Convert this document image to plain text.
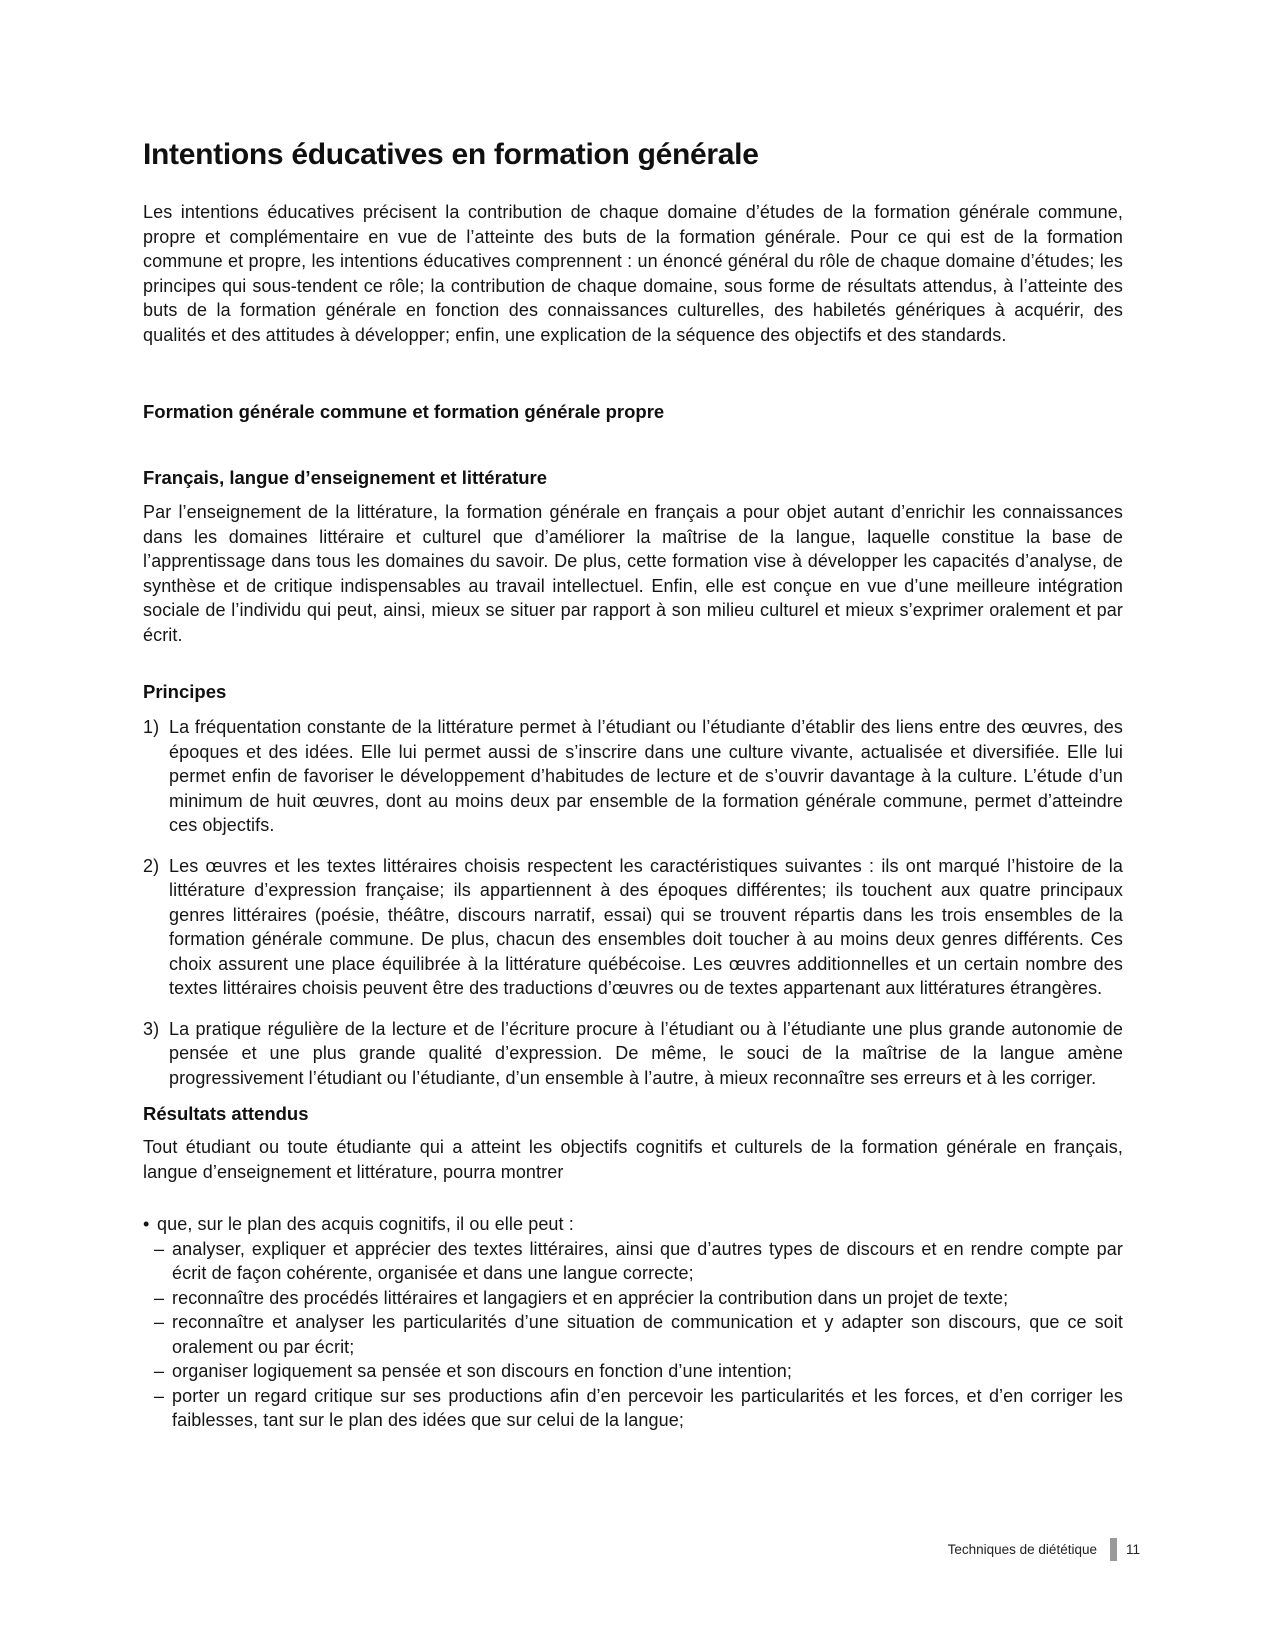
Intentions éducatives en formation générale

Les intentions éducatives précisent la contribution de chaque domaine d’études de la formation générale commune, propre et complémentaire en vue de l’atteinte des buts de la formation générale. Pour ce qui est de la formation commune et propre, les intentions éducatives comprennent : un énoncé général du rôle de chaque domaine d’études; les principes qui sous-tendent ce rôle; la contribution de chaque domaine, sous forme de résultats attendus, à l’atteinte des buts de la formation générale en fonction des connaissances culturelles, des habiletés génériques à acquérir, des qualités et des attitudes à développer; enfin, une explication de la séquence des objectifs et des standards.

Formation générale commune et formation générale propre
Français, langue d’enseignement et littérature

Par l’enseignement de la littérature, la formation générale en français a pour objet autant d’enrichir les connaissances dans les domaines littéraire et culturel que d’améliorer la maîtrise de la langue, laquelle constitue la base de l’apprentissage dans tous les domaines du savoir. De plus, cette formation vise à développer les capacités d’analyse, de synthèse et de critique indispensables au travail intellectuel. Enfin, elle est conçue en vue d’une meilleure intégration sociale de l’individu qui peut, ainsi, mieux se situer par rapport à son milieu culturel et mieux s’exprimer oralement et par écrit.

Principes
1) La fréquentation constante de la littérature permet à l’étudiant ou l’étudiante d’établir des liens entre des œuvres, des époques et des idées. Elle lui permet aussi de s’inscrire dans une culture vivante, actualisée et diversifiée. Elle lui permet enfin de favoriser le développement d’habitudes de lecture et de s’ouvrir davantage à la culture. L’étude d’un minimum de huit œuvres, dont au moins deux par ensemble de la formation générale commune, permet d’atteindre ces objectifs.

2) Les œuvres et les textes littéraires choisis respectent les caractéristiques suivantes : ils ont marqué l’histoire de la littérature d’expression française; ils appartiennent à des époques différentes; ils touchent aux quatre principaux genres littéraires (poésie, théâtre, discours narratif, essai) qui se trouvent répartis dans les trois ensembles de la formation générale commune. De plus, chacun des ensembles doit toucher à au moins deux genres différents. Ces choix assurent une place équilibrée à la littérature québécoise. Les œuvres additionnelles et un certain nombre des textes littéraires choisis peuvent être des traductions d’œuvres ou de textes appartenant aux littératures étrangères.

3) La pratique régulière de la lecture et de l’écriture procure à l’étudiant ou à l’étudiante une plus grande autonomie de pensée et une plus grande qualité d’expression. De même, le souci de la maîtrise de la langue amène progressivement l’étudiant ou l’étudiante, d’un ensemble à l’autre, à mieux reconnaître ses erreurs et à les corriger.

Résultats attendus

Tout étudiant ou toute étudiante qui a atteint les objectifs cognitifs et culturels de la formation générale en français, langue d’enseignement et littérature, pourra montrer

• que, sur le plan des acquis cognitifs, il ou elle peut :

– analyser, expliquer et apprécier des textes littéraires, ainsi que d’autres types de discours et en rendre compte par écrit de façon cohérente, organisée et dans une langue correcte;

– reconnaître des procédés littéraires et langagiers et en apprécier la contribution dans un projet de texte;

– reconnaître et analyser les particularités d’une situation de communication et y adapter son discours, que ce soit oralement ou par écrit;

– organiser logiquement sa pensée et son discours en fonction d’une intention;

– porter un regard critique sur ses productions afin d’en percevoir les particularités et les forces, et d’en corriger les faiblesses, tant sur le plan des idées que sur celui de la langue;

Techniques de diététique 11
